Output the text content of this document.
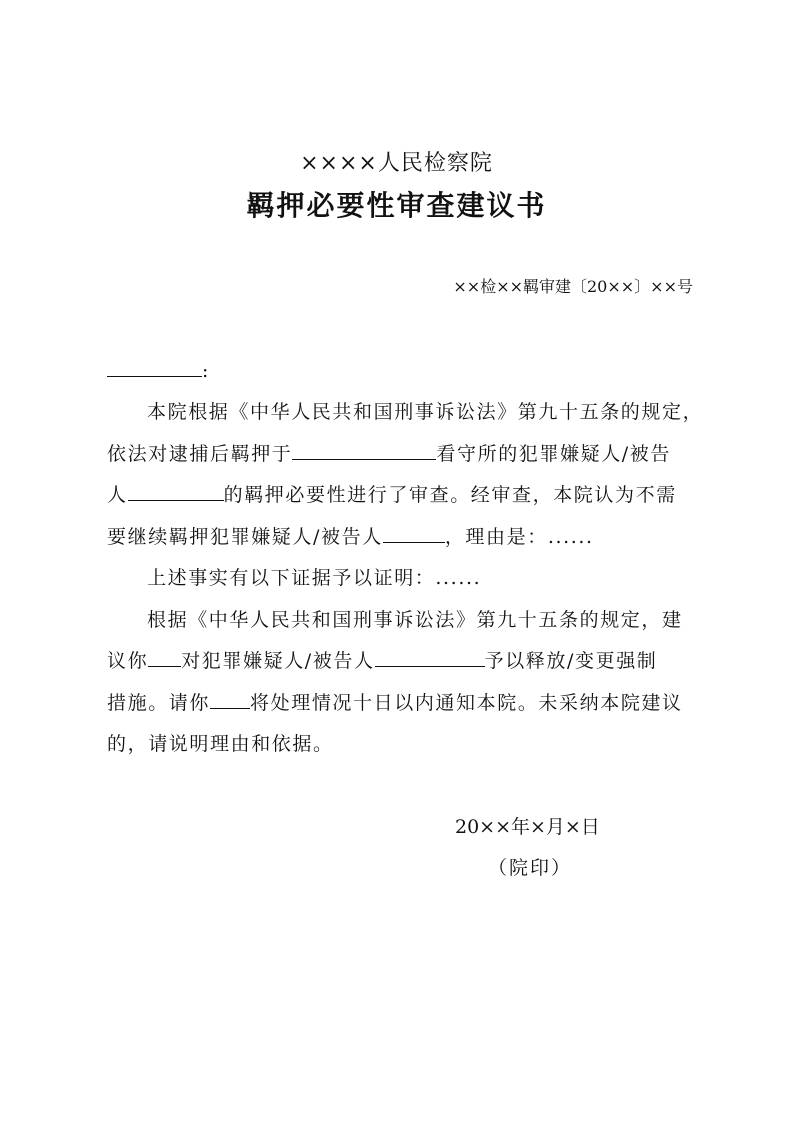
××××人民检察院
羁押必要性审查建议书
××检××羁审建〔20××〕××号
:

本院根据《中华人民共和国刑事诉讼法》第九十五条的规定，
依法对逮捕后羁押于	看守所的犯罪嫌疑人/被告
人	的羁押必要性进行了审查。经审查，本院认为不需
要继续羁押犯罪嫌疑人/被告人	，理由是：......

上述事实有以下证据予以证明：......

根据《中华人民共和国刑事诉讼法》第九十五条的规定，建
议你 对犯罪嫌疑人/被告人	予以释放/变更强制
措施。请你 将处理情况十日以内通知本院。未采纳本院建议
的，请说明理由和依据。

20××年×月×日
（院印）
